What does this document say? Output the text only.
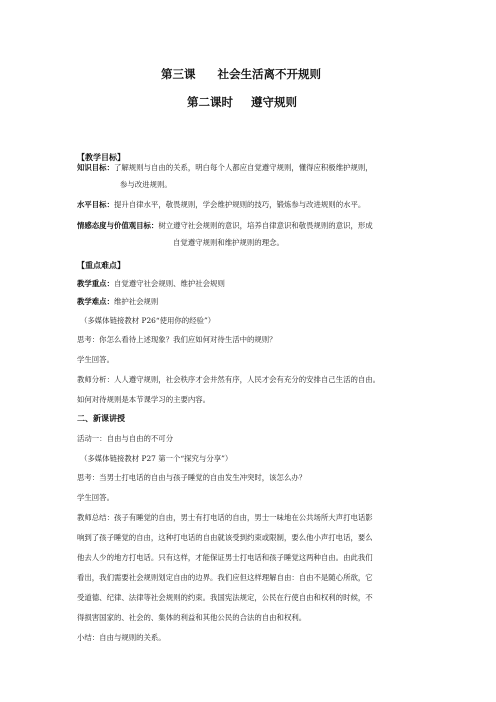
第三课 社会生活离不开规则
第二课时 遵守规则
【教学目标】
知识目标：了解规则与自由的关系，明白每个人都应自觉遵守规则，懂得应积极维护规则，
参与改进规则。
水平目标：提升自律水平，敬畏规则，学会维护规则的技巧，锻炼参与改进规则的水平。
情感态度与价值观目标：树立遵守社会规则的意识，培养自律意识和敬畏规则的意识，形成
自觉遵守规则和维护规则的理念。
【重点难点】
教学重点：自觉遵守社会规则、维护社会规则
教学难点：维护社会规则
（多媒体链接教材 P26“使用你的经验”）
思考：你怎么看待上述现象？我们应如何对待生活中的规则？
学生回答。
教师分析：人人遵守规则，社会秩序才会井然有序，人民才会有充分的安排自己生活的自由。
如何对待规则是本节课学习的主要内容。
二、新课讲授
活动一：自由与自由的不可分
（多媒体链接教材 P27 第一个“探究与分享”）
思考：当男士打电话的自由与孩子睡觉的自由发生冲突时，该怎么办？
学生回答。
教师总结：孩子有睡觉的自由，男士有打电话的自由，男士一味地在公共场所大声打电话影
响到了孩子睡觉的自由，这种打电话的自由就该受到约束或限制，要么他小声打电话，要么
他去人少的地方打电话。只有这样，才能保证男士打电话和孩子睡觉这两种自由。由此我们
看出，我们需要社会规则划定自由的边界。我们应但这样理解自由：自由不是随心所欲，它
受道德、纪律、法律等社会规则的约束。我国宪法规定，公民在行使自由和权利的时候，不
得损害国家的、社会的、集体的利益和其他公民的合法的自由和权利。
小结：自由与规则的关系。
